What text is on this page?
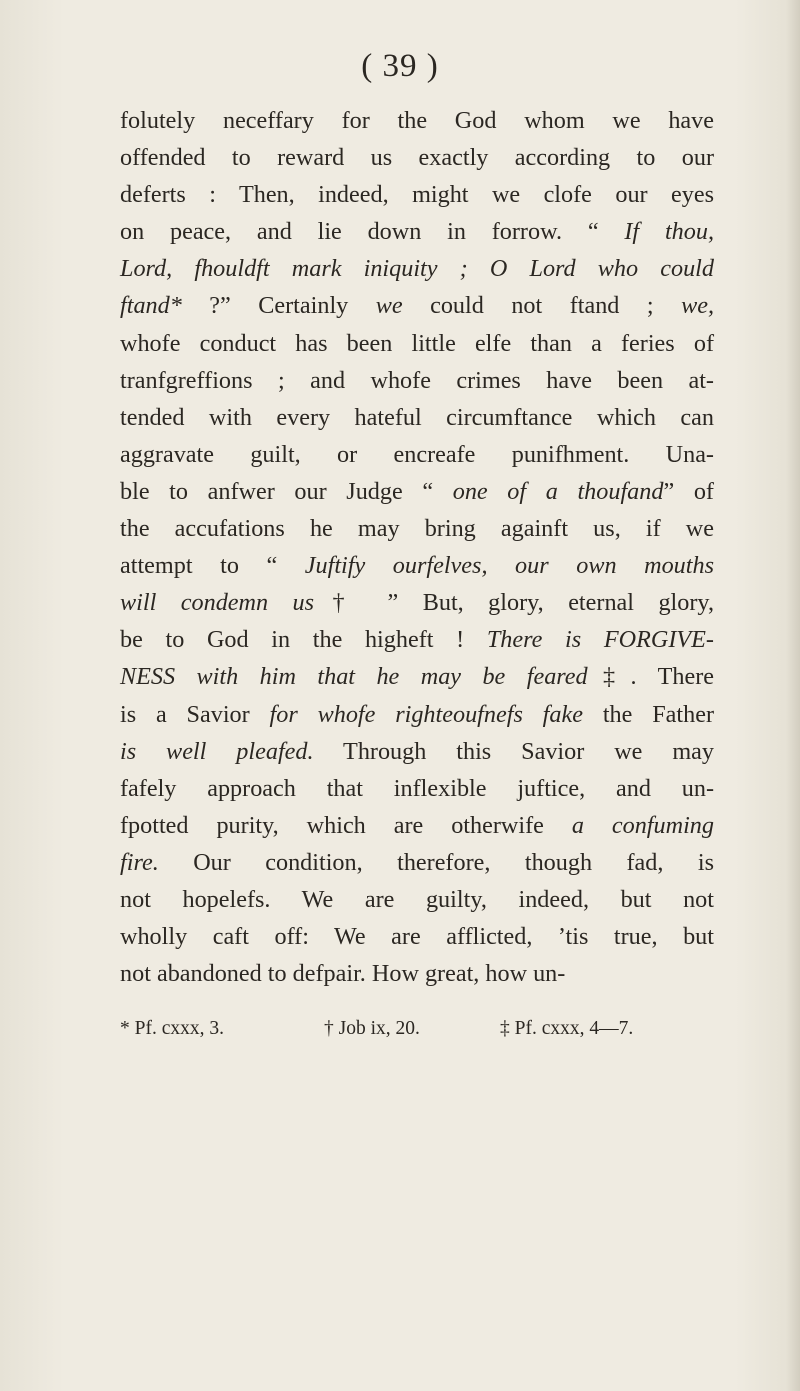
( 39 )
folutely neceffary for the God whom we have
offended to reward us exactly according to our
deferts : Then, indeed, might we clofe our eyes
on peace, and lie down in forrow. “ If thou,
Lord, fhouldft mark iniquity ; O Lord who could
ftand* ?” Certainly we could not ftand ; we,
whofe conduct has been little elfe than a feries of
tranfgreffions ; and whofe crimes have been at-
tended with every hateful circumftance which can
aggravate guilt, or encreafe punifhment. Una-
ble to anfwer our Judge “ one of a thoufand” of
the accufations he may bring againft us, if we
attempt to “ Juftify ourfelves, our own mouths
will condemn us† ” But, glory, eternal glory,
be to God in the higheft ! There is FORGIVE-
NESS with him that he may be feared‡. There
is a Savior for whofe righteoufnefs fake the Father
is well pleafed. Through this Savior we may
fafely approach that inflexible juftice, and un-
fpotted purity, which are otherwife a confuming
fire. Our condition, therefore, though fad, is
not hopelefs. We are guilty, indeed, but not
wholly caft off: We are afflicted, ’tis true, but
not abandoned to defpair. How great, how un-
* Pf. cxxx, 3.	† Job ix, 20.	‡ Pf. cxxx, 4—7.
